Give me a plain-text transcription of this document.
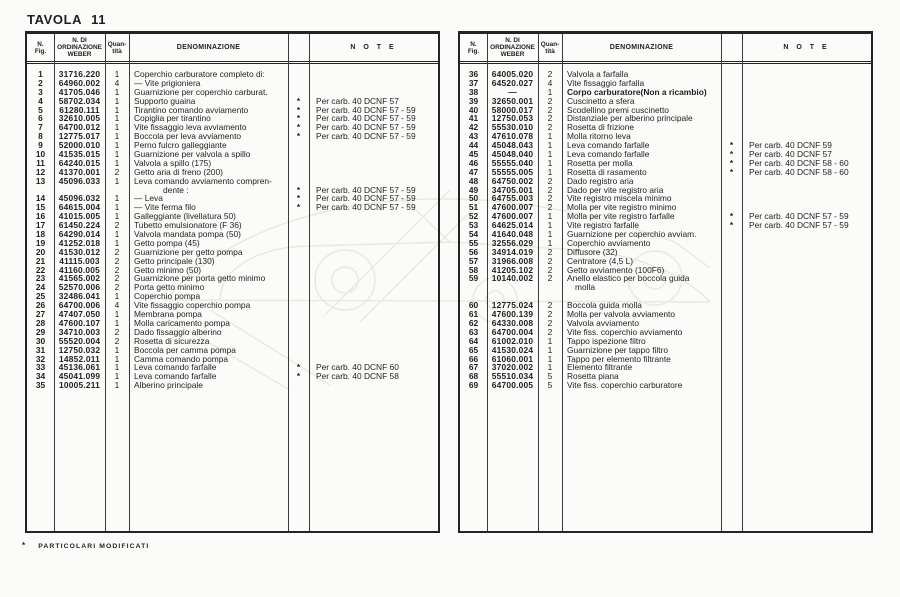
TAVOLA 11
N.
Fig.
N. DI
ORDINAZIONE
WEBER
Quan-
tità	DENOMINAZIONE	N O T E
1	31716.220	1	Coperchio carburatore completo di:
2	64960.002	4	— Vite prigioniera
3	41705.046	1	Guarnizione per coperchio carburat.
4	58702.034	1	Supporto guaina	*	Per carb. 40 DCNF 57
5	61280.111	1	Tirantino comando avviamento	*	Per carb. 40 DCNF 57 - 59
6	32610.005	1	Copiglia per tirantino	*	Per carb. 40 DCNF 57 - 59
7	64700.012	1	Vite fissaggio leva avviamento	*	Per carb. 40 DCNF 57 - 59
8	12775.017	1	Boccola per leva avviamento	*	Per carb. 40 DCNF 57 - 59
9	52000.010	1	Perno fulcro galleggiante
10	41535.015	1	Guarnizione per valvola a spillo
11	64240.015	1	Valvola a spillo (175)
12	41370.001	2	Getto aria di freno (200)
13	45096.033	1	Leva comando avviamento compren-
dente :	*	Per carb. 40 DCNF 57 - 59
14	45096.032	1	— Leva	*	Per carb. 40 DCNF 57 - 59
15	64615.004	1	— Vite ferma filo	*	Per carb. 40 DCNF 57 - 59
16	41015.005	1	Galleggiante (livellatura 50)
17	61450.224	2	Tubetto emulsionatore (F 36)
18	64290.014	1	Valvola mandata pompa (50)
19	41252.018	1	Getto pompa (45)
20	41530.012	2	Guarnizione per getto pompa
21	41115.003	2	Getto principale (130)
22	41160.005	2	Getto minimo (50)
23	41565.002	2	Guarnizione per porta getto minimo
24	52570.006	2	Porta getto minimo
25	32486.041	1	Coperchio pompa
26	64700.006	4	Vite fissaggio coperchio pompa
27	47407.050	1	Membrana pompa
28	47600.107	1	Molla caricamento pompa
29	34710.003	2	Dado fissaggio alberino
30	55520.004	2	Rosetta di sicurezza
31	12750.032	1	Boccola per camma pompa
32	14852.011	1	Camma comando pompa
33	45136.061	1	Leva comando farfalle	*	Per carb. 40 DCNF 60
34	45041.099	1	Leva comando farfalle	*	Per carb. 40 DCNF 58
35	10005.211	1	Alberino principale
N.
Fig.
N. DI
ORDINAZIONE
WEBER
Quan-
tità	DENOMINAZIONE	N O T E
36	64005.020	2	Valvola a farfalla
37	64520.027	4	Vite fissaggio farfalla
38	—	1	Corpo carburatore(Non a ricambio)
39	32650.001	2	Cuscinetto a sfera
40	58000.017	2	Scodellino premi cuscinetto
41	12750.053	2	Distanziale per alberino principale
42	55530.010	2	Rosetta di frizione
43	47610.078	1	Molla ritorno leva
44	45048.043	1	Leva comando farfalle	*	Per carb. 40 DCNF 59
45	45048.040	1	Leva comando farfalle	*	Per carb. 40 DCNF 57
46	55555.040	1	Rosetta per molla	*	Per carb. 40 DCNF 58 - 60
47	55555.005	1	Rosetta di rasamento	*	Per carb. 40 DCNF 58 - 60
48	64750.002	2	Dado registro aria
49	34705.001	2	Dado per vite registro aria
50	64755.003	2	Vite registro miscela minimo
51	47600.007	2	Molla per vite registro minimo
52	47600.007	1	Molla per vite registro farfalle	*	Per carb. 40 DCNF 57 - 59
53	64625.014	1	Vite registro farfalle	*	Per carb. 40 DCNF 57 - 59
54	41640.048	1	Guarnizione per coperchio avviam.
55	32556.029	1	Coperchio avviamento
56	34914.019	2	Diffusore (32)
57	31966.008	2	Centratore (4,5 L)
58	41205.102	2	Getto avviamento (100F6)
59	10140.002	2	Anello elastico per boccola guida
molla
60	12775.024	2	Boccola guida molla
61	47600.139	2	Molla per valvola avviamento
62	64330.008	2	Valvola avviamento
63	64700.004	2	Vite fiss. coperchio avviamento
64	61002.010	1	Tappo ispezione filtro
65	41530.024	1	Guarnizione per tappo filtro
66	61060.001	1	Tappo per elemento filtrante
67	37020.002	1	Elemento filtrante
68	55510.034	5	Rosetta piana
69	64700.005	5	Vite fiss. coperchio carburatore
* PARTICOLARI MODIFICATI
